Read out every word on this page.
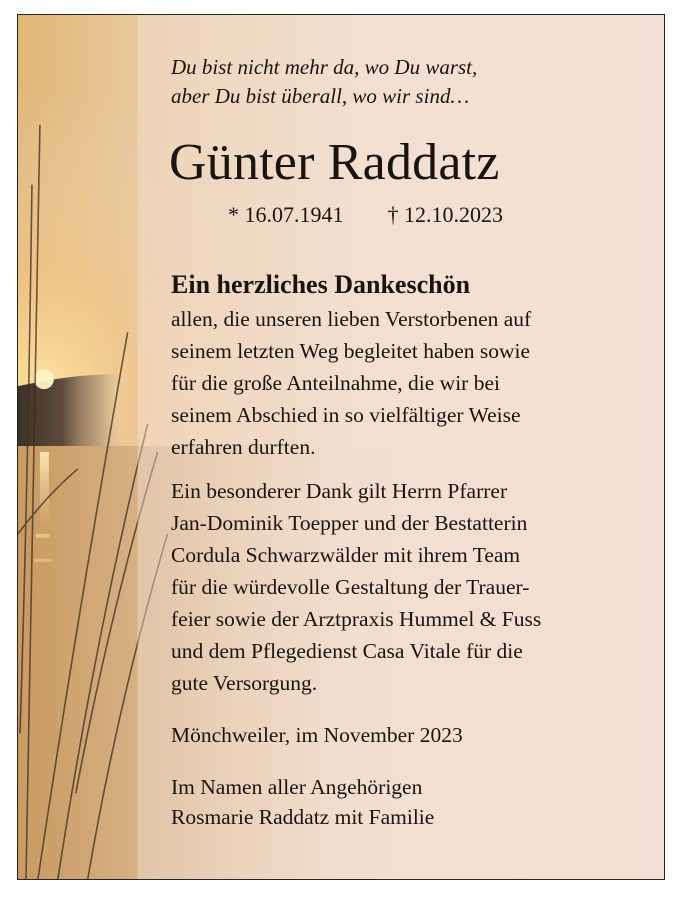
Du bist nicht mehr da, wo Du warst,
aber Du bist überall, wo wir sind…

Günter Raddatz
* 16.07.1941 † 12.10.2023
Ein herzliches Dankeschön

allen, die unseren lieben Verstorbenen auf
seinem letzten Weg begleitet haben sowie
für die große Anteilnahme, die wir bei
seinem Abschied in so vielfältiger Weise
erfahren durften.

Ein besonderer Dank gilt Herrn Pfarrer
Jan-Dominik Toepper und der Bestatterin
Cordula Schwarzwälder mit ihrem Team
für die würdevolle Gestaltung der Trauer-
feier sowie der Arztpraxis Hummel & Fuss
und dem Pflegedienst Casa Vitale für die
gute Versorgung.

Mönchweiler, im November 2023
Im Namen aller Angehörigen
Rosmarie Raddatz mit Familie
